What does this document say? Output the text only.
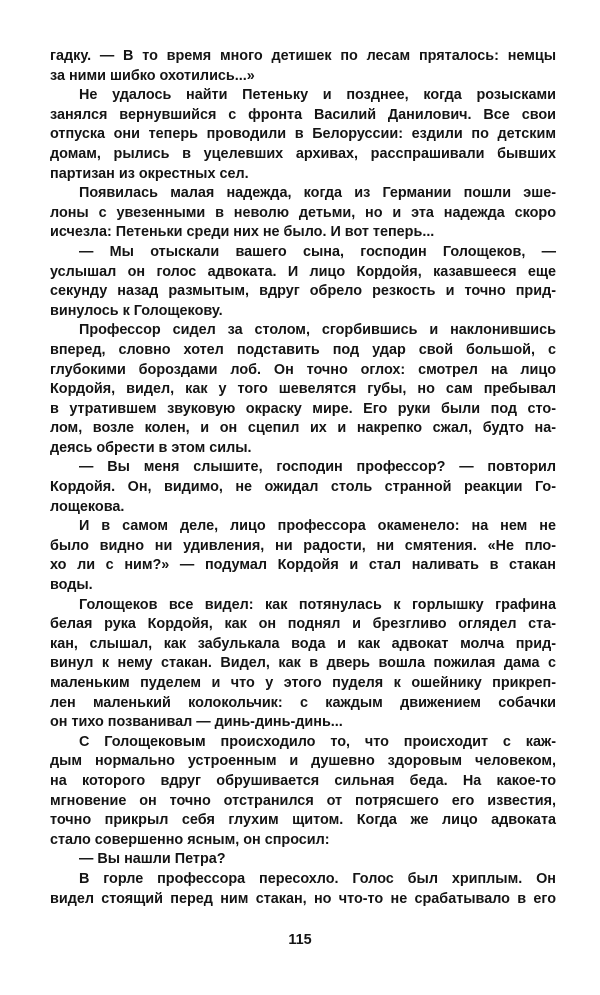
гадку. — В то время много детишек по лесам пряталось: немцы
за ними шибко охотились...»
Не удалось найти Петеньку и позднее, когда розысками
занялся вернувшийся с фронта Василий Данилович. Все свои
отпуска они теперь проводили в Белоруссии: ездили по детским
домам, рылись в уцелевших архивах, расспрашивали бывших
партизан из окрестных сел.
Появилась малая надежда, когда из Германии пошли эше-
лоны с увезенными в неволю детьми, но и эта надежда скоро
исчезла: Петеньки среди них не было. И вот теперь...
— Мы отыскали вашего сына, господин Голощеков, —
услышал он голос адвоката. И лицо Кордойя, казавшееся еще
секунду назад размытым, вдруг обрело резкость и точно прид-
винулось к Голощекову.
Профессор сидел за столом, сгорбившись и наклонившись
вперед, словно хотел подставить под удар свой большой, с
глубокими бороздами лоб. Он точно оглох: смотрел на лицо
Кордойя, видел, как у того шевелятся губы, но сам пребывал
в утратившем звуковую окраску мире. Его руки были под сто-
лом, возле колен, и он сцепил их и накрепко сжал, будто на-
деясь обрести в этом силы.
— Вы меня слышите, господин профессор? — повторил
Кордойя. Он, видимо, не ожидал столь странной реакции Го-
лощекова.
И в самом деле, лицо профессора окаменело: на нем не
было видно ни удивления, ни радости, ни смятения. «Не пло-
хо ли с ним?» — подумал Кордойя и стал наливать в стакан
воды.
Голощеков все видел: как потянулась к горлышку графина
белая рука Кордойя, как он поднял и брезгливо оглядел ста-
кан, слышал, как забулькала вода и как адвокат молча прид-
винул к нему стакан. Видел, как в дверь вошла пожилая дама с
маленьким пуделем и что у этого пуделя к ошейнику прикреп-
лен маленький колокольчик: с каждым движением собачки
он тихо позванивал — динь-динь-динь...
С Голощековым происходило то, что происходит с каж-
дым нормально устроенным и душевно здоровым человеком,
на которого вдруг обрушивается сильная беда. На какое-то
мгновение он точно отстранился от потрясшего его известия,
точно прикрыл себя глухим щитом. Когда же лицо адвоката
стало совершенно ясным, он спросил:
— Вы нашли Петра?
В горле профессора пересохло. Голос был хриплым. Он
видел стоящий перед ним стакан, но что-то не срабатывало в его
115
